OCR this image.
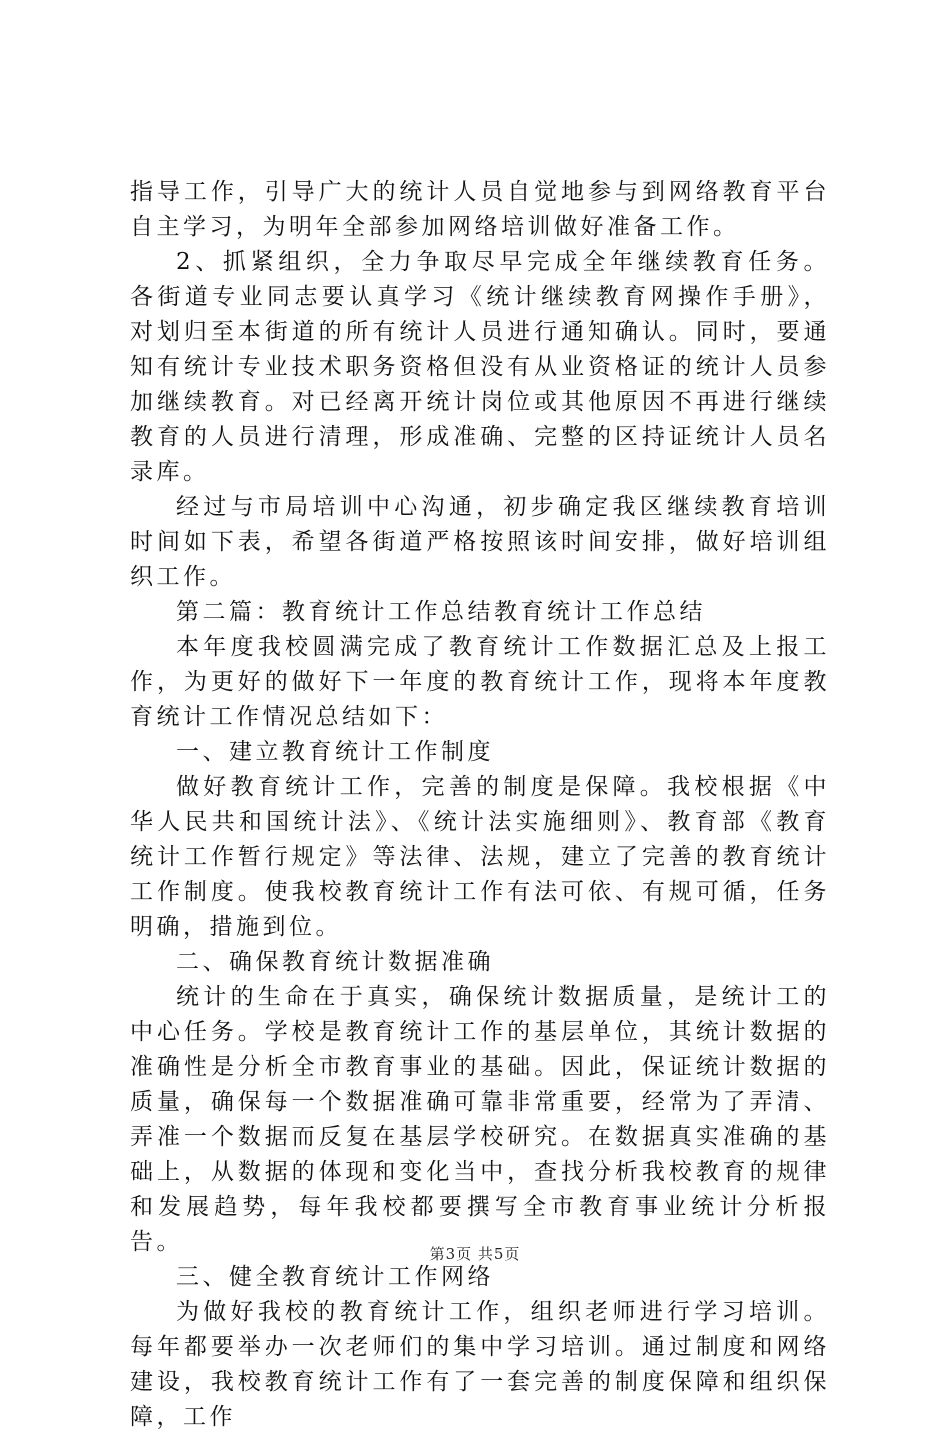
指导工作，引导广大的统计人员自觉地参与到网络教育平台自主学习，为明年全部参加网络培训做好准备工作。

2、抓紧组织，全力争取尽早完成全年继续教育任务。各街道专业同志要认真学习《统计继续教育网操作手册》，对划归至本街道的所有统计人员进行通知确认。同时，要通知有统计专业技术职务资格但没有从业资格证的统计人员参加继续教育。对已经离开统计岗位或其他原因不再进行继续教育的人员进行清理，形成准确、完整的区持证统计人员名录库。

经过与市局培训中心沟通，初步确定我区继续教育培训时间如下表，希望各街道严格按照该时间安排，做好培训组织工作。

第二篇：教育统计工作总结教育统计工作总结

本年度我校圆满完成了教育统计工作数据汇总及上报工作，为更好的做好下一年度的教育统计工作，现将本年度教育统计工作情况总结如下：

一、建立教育统计工作制度

做好教育统计工作，完善的制度是保障。我校根据《中华人民共和国统计法》、《统计法实施细则》、教育部《教育统计工作暂行规定》等法律、法规，建立了完善的教育统计工作制度。使我校教育统计工作有法可依、有规可循，任务明确，措施到位。

二、确保教育统计数据准确

统计的生命在于真实，确保统计数据质量，是统计工的中心任务。学校是教育统计工作的基层单位，其统计数据的准确性是分析全市教育事业的基础。因此，保证统计数据的质量，确保每一个数据准确可靠非常重要，经常为了弄清、弄准一个数据而反复在基层学校研究。在数据真实准确的基础上，从数据的体现和变化当中，查找分析我校教育的规律和发展趋势，每年我校都要撰写全市教育事业统计分析报告。

三、健全教育统计工作网络

为做好我校的教育统计工作，组织老师进行学习培训。每年都要举办一次老师们的集中学习培训。通过制度和网络建设，我校教育统计工作有了一套完善的制度保障和组织保障，工作

第3页 共5页
